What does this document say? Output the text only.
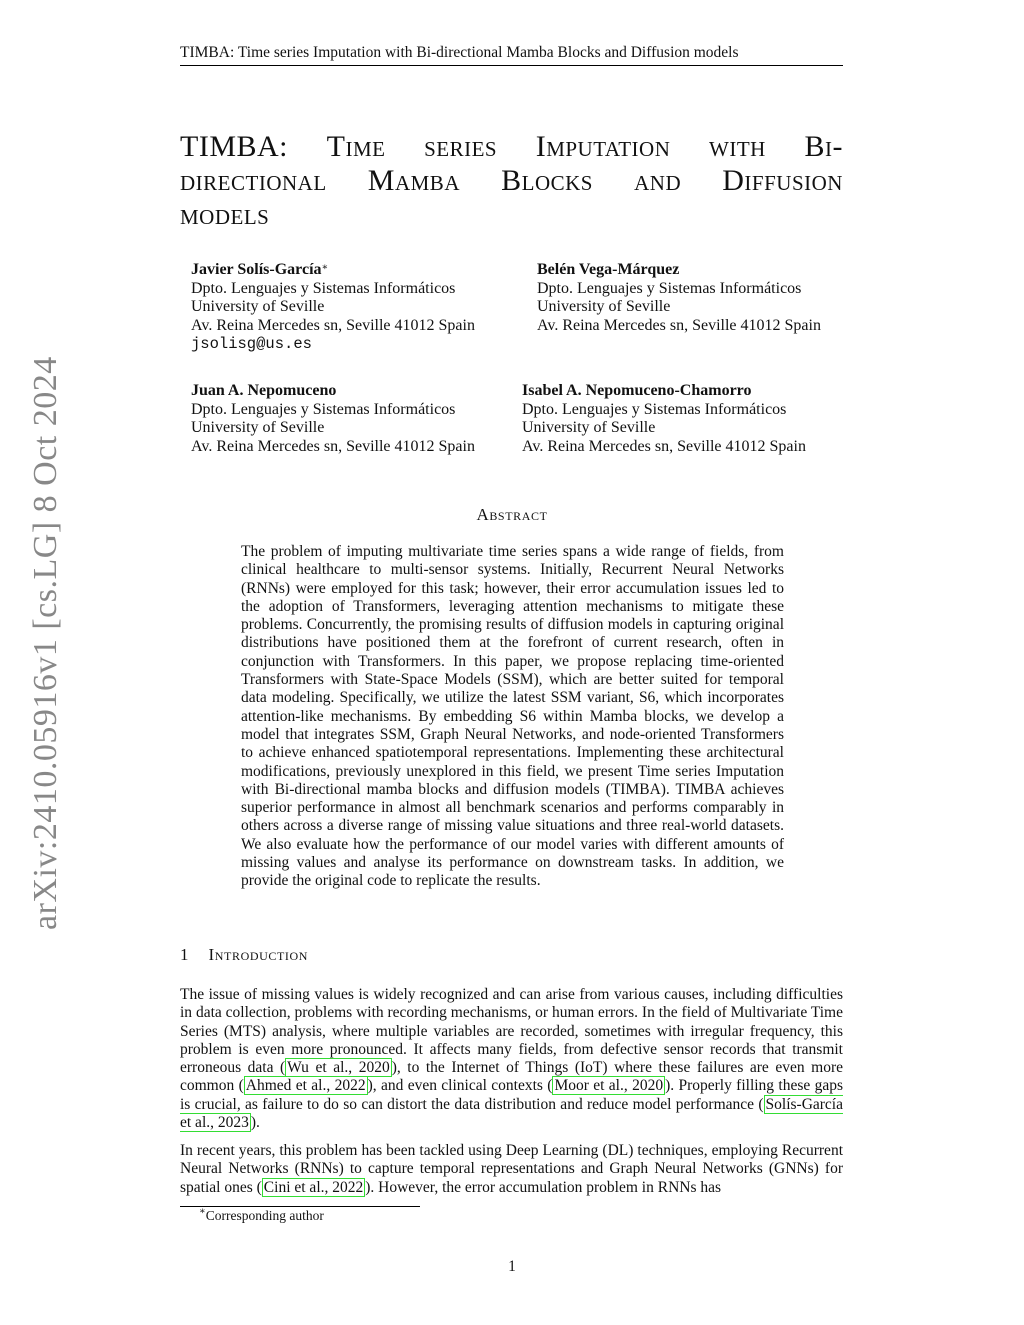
TIMBA: Time series Imputation with Bi-directional Mamba Blocks and Diffusion models
TIMBA: Time series Imputation with Bi-
directional Mamba Blocks and Diffusion
models
Javier Solís-García∗
Dpto. Lenguajes y Sistemas Informáticos
University of Seville
Av. Reina Mercedes sn, Seville 41012 Spain
jsolisg@us.es
Belén Vega-Márquez
Dpto. Lenguajes y Sistemas Informáticos
University of Seville
Av. Reina Mercedes sn, Seville 41012 Spain
Juan A. Nepomuceno
Dpto. Lenguajes y Sistemas Informáticos
University of Seville
Av. Reina Mercedes sn, Seville 41012 Spain
Isabel A. Nepomuceno-Chamorro
Dpto. Lenguajes y Sistemas Informáticos
University of Seville
Av. Reina Mercedes sn, Seville 41012 Spain
Abstract
The problem of imputing multivariate time series spans a wide range of fields, from clinical healthcare to multi-sensor systems. Initially, Recurrent Neural Networks (RNNs) were employed for this task; however, their error accumulation issues led to the adoption of Transformers, leveraging attention mechanisms to mitigate these problems. Concurrently, the promising results of diffusion models in capturing original distributions have positioned them at the forefront of current research, often in conjunction with Transformers. In this paper, we propose replacing time-oriented Transformers with State-Space Models (SSM), which are better suited for temporal data modeling. Specifically, we utilize the latest SSM variant, S6, which incorporates attention-like mechanisms. By embedding S6 within Mamba blocks, we develop a model that integrates SSM, Graph Neural Networks, and node-oriented Transformers to achieve enhanced spatiotemporal representations. Implementing these architectural modifications, previously unexplored in this field, we present Time series Imputation with Bi-directional mamba blocks and diffusion models (TIMBA). TIMBA achieves superior performance in almost all benchmark scenarios and performs comparably in others across a diverse range of missing value situations and three real-world datasets. We also evaluate how the performance of our model varies with different amounts of missing values and analyse its performance on downstream tasks. In addition, we provide the original code to replicate the results.
1 Introduction

The issue of missing values is widely recognized and can arise from various causes, including difficulties in data collection, problems with recording mechanisms, or human errors. In the field of Multivariate Time Series (MTS) analysis, where multiple variables are recorded, sometimes with irregular frequency, this problem is even more pronounced. It affects many fields, from defective sensor records that transmit erroneous data ( Wu et al., 2020 ), to the Internet of Things (IoT) where these failures are even more common ( Ahmed et al., 2022 ), and even clinical contexts ( Moor et al., 2020 ). Properly filling these gaps is crucial, as failure to do so can distort the data distribution and reduce model performance ( Solís-García et al., 2023 ).

In recent years, this problem has been tackled using Deep Learning (DL) techniques, employing Recurrent Neural Networks (RNNs) to capture temporal representations and Graph Neural Networks (GNNs) for spatial ones ( Cini et al., 2022 ). However, the error accumulation problem in RNNs has

∗Corresponding author
1
arXiv:2410.05916v1 [cs.LG] 8 Oct 2024
